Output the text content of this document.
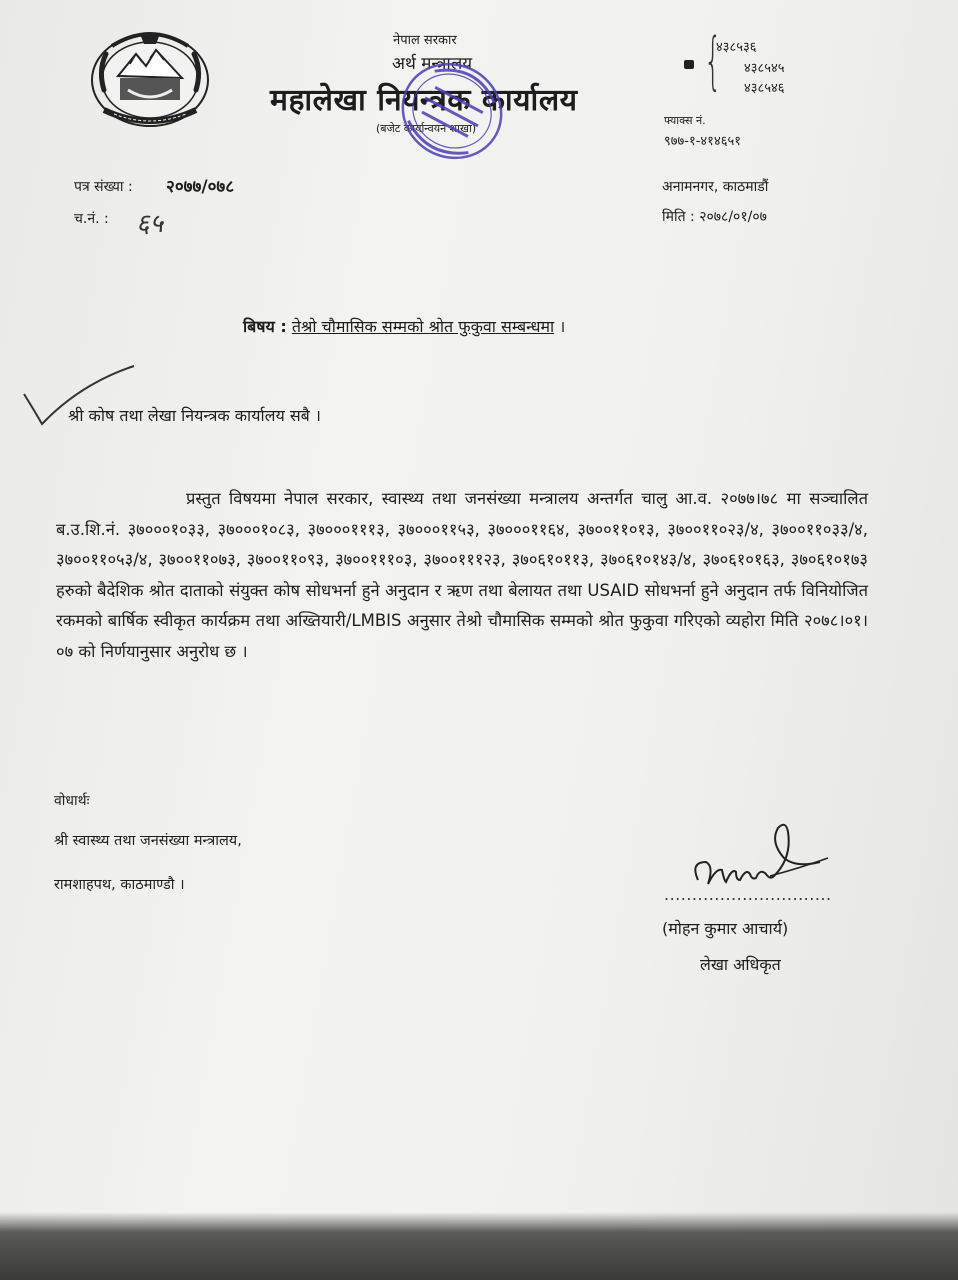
नेपाल सरकार
अर्थ मन्त्रालय
महालेखा नियन्त्रक कार्यालय
(बजेट कार्यान्वयन शाखा)
{
४३८५३६
४३८५४५
४३८५४६
फ्याक्स नं.
९७७-१-४१४६५१
पत्र संख्या : २०७७/०७८
च.नं. : ६५
अनामनगर, काठमाडौं
मिति : २०७८/०१/०७
बिषय : तेश्रो चौमासिक सम्मको श्रोत फुकुवा सम्बन्धमा ।
श्री कोष तथा लेखा नियन्त्रक कार्यालय सबै ।
प्रस्तुत विषयमा नेपाल सरकार, स्वास्थ्य तथा जनसंख्या मन्त्रालय अन्तर्गत चालु आ.व. २०७७।७८ मा सञ्चालित ब.उ.शि.नं. ३७०००१०३३, ३७०००१०८३, ३७०००१११३, ३७०००११५३, ३७०००११६४, ३७००११०१३, ३७००११०२३/४, ३७००११०३३/४, ३७००११०५३/४, ३७००११०७३, ३७००११०९३, ३७००१११०३, ३७००१११२३, ३७०६१०११३, ३७०६१०१४३/४, ३७०६१०१६३, ३७०६१०१७३ हरुको बैदेशिक श्रोत दाताको संयुक्त कोष सोधभर्ना हुने अनुदान र ऋण तथा बेलायत तथा USAID सोधभर्ना हुने अनुदान तर्फ विनियोजित रकमको बार्षिक स्वीकृत कार्यक्रम तथा अख्तियारी/LMBIS अनुसार तेश्रो चौमासिक सम्मको श्रोत फुकुवा गरिएको व्यहोरा मिति २०७८।०१।०७ को निर्णयानुसार अनुरोध छ ।
वोधार्थः
श्री स्वास्थ्य तथा जनसंख्या मन्त्रालय,
रामशाहपथ, काठमाण्डौ ।	..............................
(मोहन कुमार आचार्य)
लेखा अधिकृत
